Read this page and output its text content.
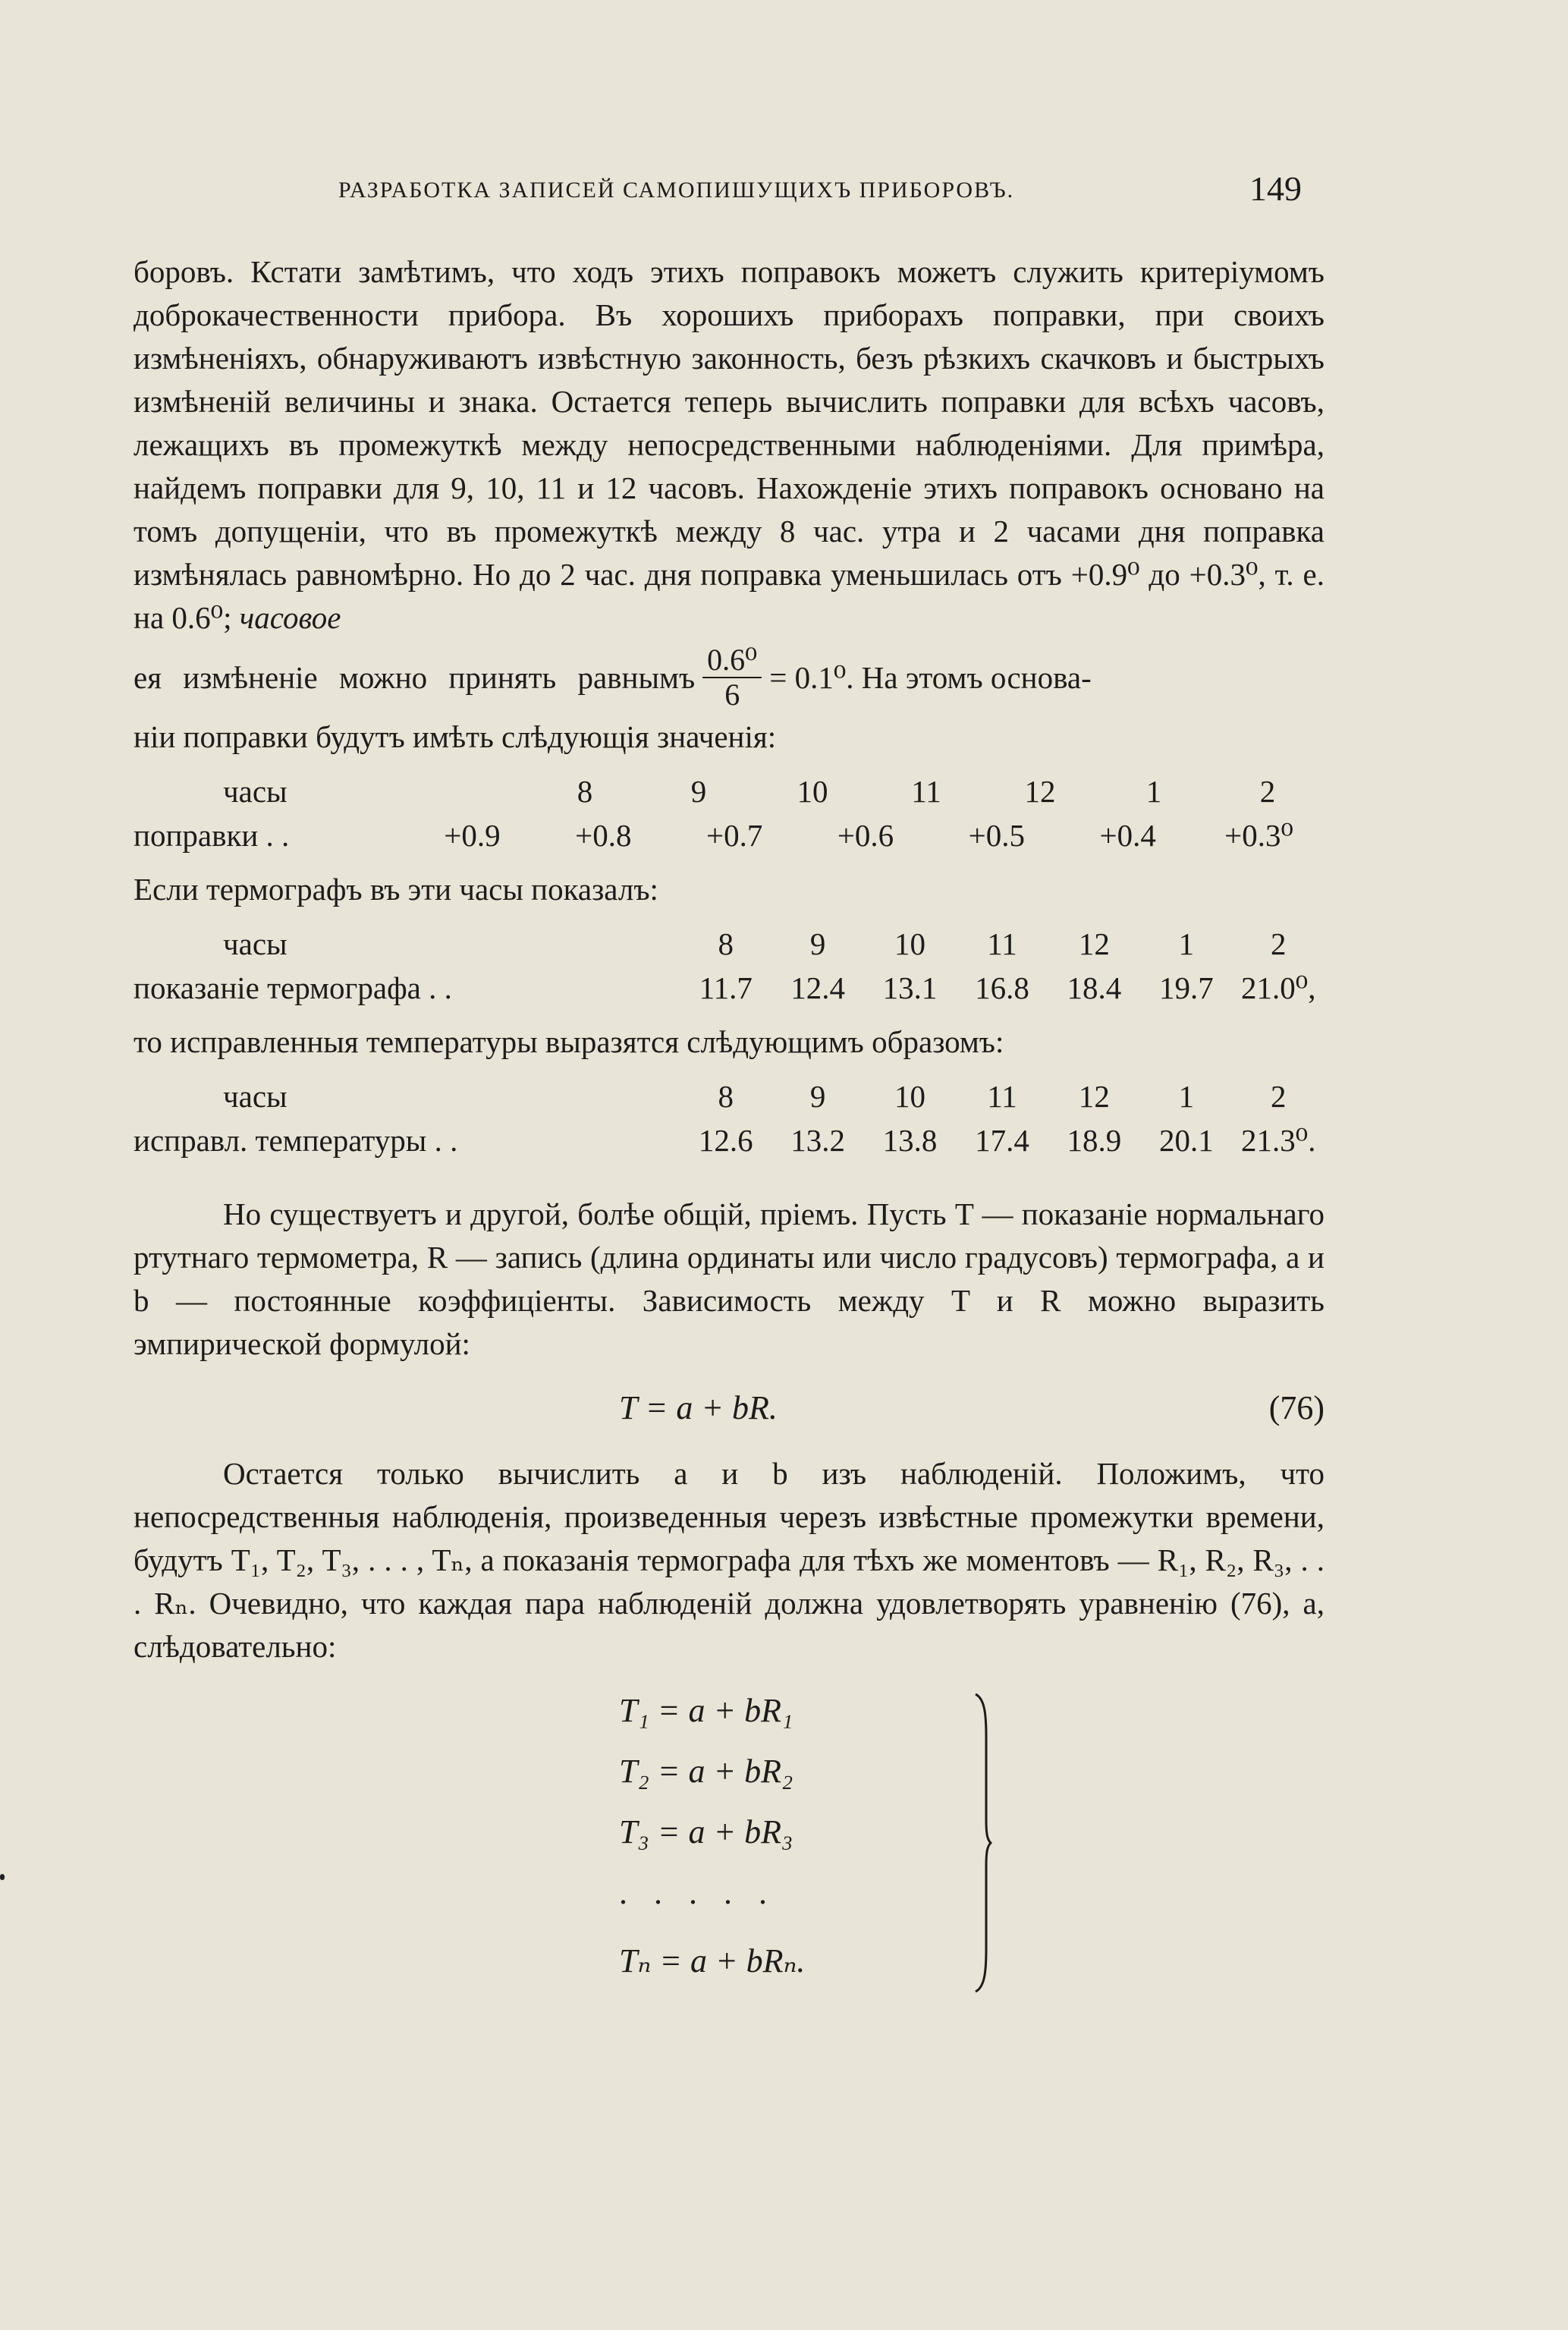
РАЗРАБОТКА ЗАПИСЕЙ САМОПИШУЩИХЪ ПРИБОРОВЪ.	149

боровъ. Кстати замѣтимъ, что ходъ этихъ поправокъ можетъ служить критеріумомъ доброкачественности прибора. Въ хорошихъ приборахъ поправки, при своихъ измѣненіяхъ, обнаруживаютъ извѣстную законность, безъ рѣзкихъ скачковъ и быстрыхъ измѣненій величины и знака. Остается теперь вычислить поправки для всѣхъ часовъ, лежащихъ въ промежуткѣ между непосредственными наблюденіями. Для примѣра, найдемъ поправки для 9, 10, 11 и 12 часовъ. Нахожденіе этихъ поправокъ основано на томъ допущеніи, что въ промежуткѣ между 8 час. утра и 2 часами дня поправка измѣнялась равномѣрно. Но до 2 час. дня поправка уменьшилась отъ +0.9⁰ до +0.3⁰, т. е. на 0.6⁰; часовое

ея измѣненіе можно принять равнымъ $\frac{\text{0.6⁰}}{6} = 0.1^0$. На этомъ основа-

ніи поправки будутъ имѣть слѣдующія значенія:

часы	8	9	10	11	12	1	2
поправки . .	+0.9	+0.8	+0.7	+0.6	+0.5	+0.4	+0.3⁰

Если термографъ въ эти часы показалъ:

часы	8	9	10	11	12	1	2
показаніе термографа . .	11.7	12.4	13.1	16.8	18.4	19.7 21.0⁰,

то исправленныя температуры выразятся слѣдующимъ образомъ:

часы	8	9	10	11	12	1	2
исправл. температуры . .	12.6	13.2	13.8	17.4	18.9	20.1 21.3⁰.

Но существуетъ и другой, болѣе общій, пріемъ. Пусть T — показаніе нормальнаго ртутнаго термометра, R — запись (длина ординаты или число градусовъ) термографа, a и b — постоянные коэффиціенты. Зависимость между T и R можно выразить эмпирической формулой:

T = a + bR.	(76)

Остается только вычислить a и b изъ наблюденій. Положимъ, что непосредственныя наблюденія, произведенныя черезъ извѣстные промежутки времени, будутъ T₁, T₂, T₃, . . . , Tₙ, а показанія термографа для тѣхъ же моментовъ — R₁, R₂, R₃, . . . Rₙ. Очевидно, что каждая пара наблюденій должна удовлетворять уравненію (76), а, слѣдовательно:

T₁ = a + bR₁
T₂ = a + bR₂
T₃ = a + bR₃
. . . . .
Tₙ = a + bRₙ.
